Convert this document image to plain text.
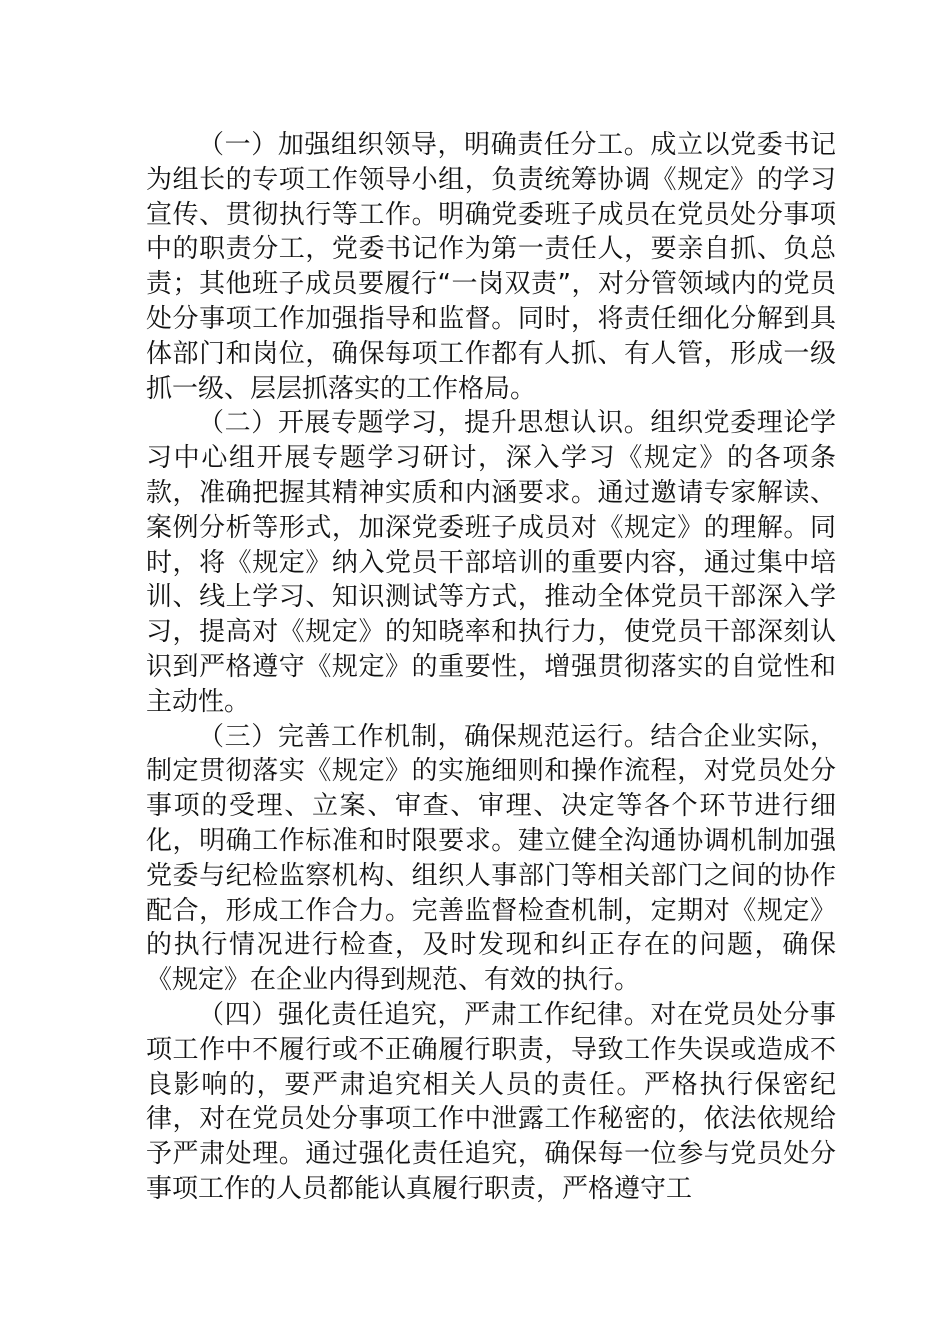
（一）加强组织领导，明确责任分工。成立以党委书记为组长的专项工作领导小组，负责统筹协调《规定》的学习宣传、贯彻执行等工作。明确党委班子成员在党员处分事项中的职责分工，党委书记作为第一责任人，要亲自抓、负总责；其他班子成员要履行“一岗双责”，对分管领域内的党员处分事项工作加强指导和监督。同时，将责任细化分解到具体部门和岗位，确保每项工作都有人抓、有人管，形成一级抓一级、层层抓落实的工作格局。

（二）开展专题学习，提升思想认识。组织党委理论学习中心组开展专题学习研讨，深入学习《规定》的各项条款，准确把握其精神实质和内涵要求。通过邀请专家解读、案例分析等形式，加深党委班子成员对《规定》的理解。同时，将《规定》纳入党员干部培训的重要内容，通过集中培训、线上学习、知识测试等方式，推动全体党员干部深入学习，提高对《规定》的知晓率和执行力，使党员干部深刻认识到严格遵守《规定》的重要性，增强贯彻落实的自觉性和主动性。

（三）完善工作机制，确保规范运行。结合企业实际，制定贯彻落实《规定》的实施细则和操作流程，对党员处分事项的受理、立案、审查、审理、决定等各个环节进行细化，明确工作标准和时限要求。建立健全沟通协调机制加强党委与纪检监察机构、组织人事部门等相关部门之间的协作配合，形成工作合力。完善监督检查机制，定期对《规定》的执行情况进行检查，及时发现和纠正存在的问题，确保《规定》在企业内得到规范、有效的执行。

（四）强化责任追究，严肃工作纪律。对在党员处分事项工作中不履行或不正确履行职责，导致工作失误或造成不良影响的，要严肃追究相关人员的责任。严格执行保密纪律，对在党员处分事项工作中泄露工作秘密的，依法依规给予严肃处理。通过强化责任追究，确保每一位参与党员处分事项工作的人员都能认真履行职责，严格遵守工
